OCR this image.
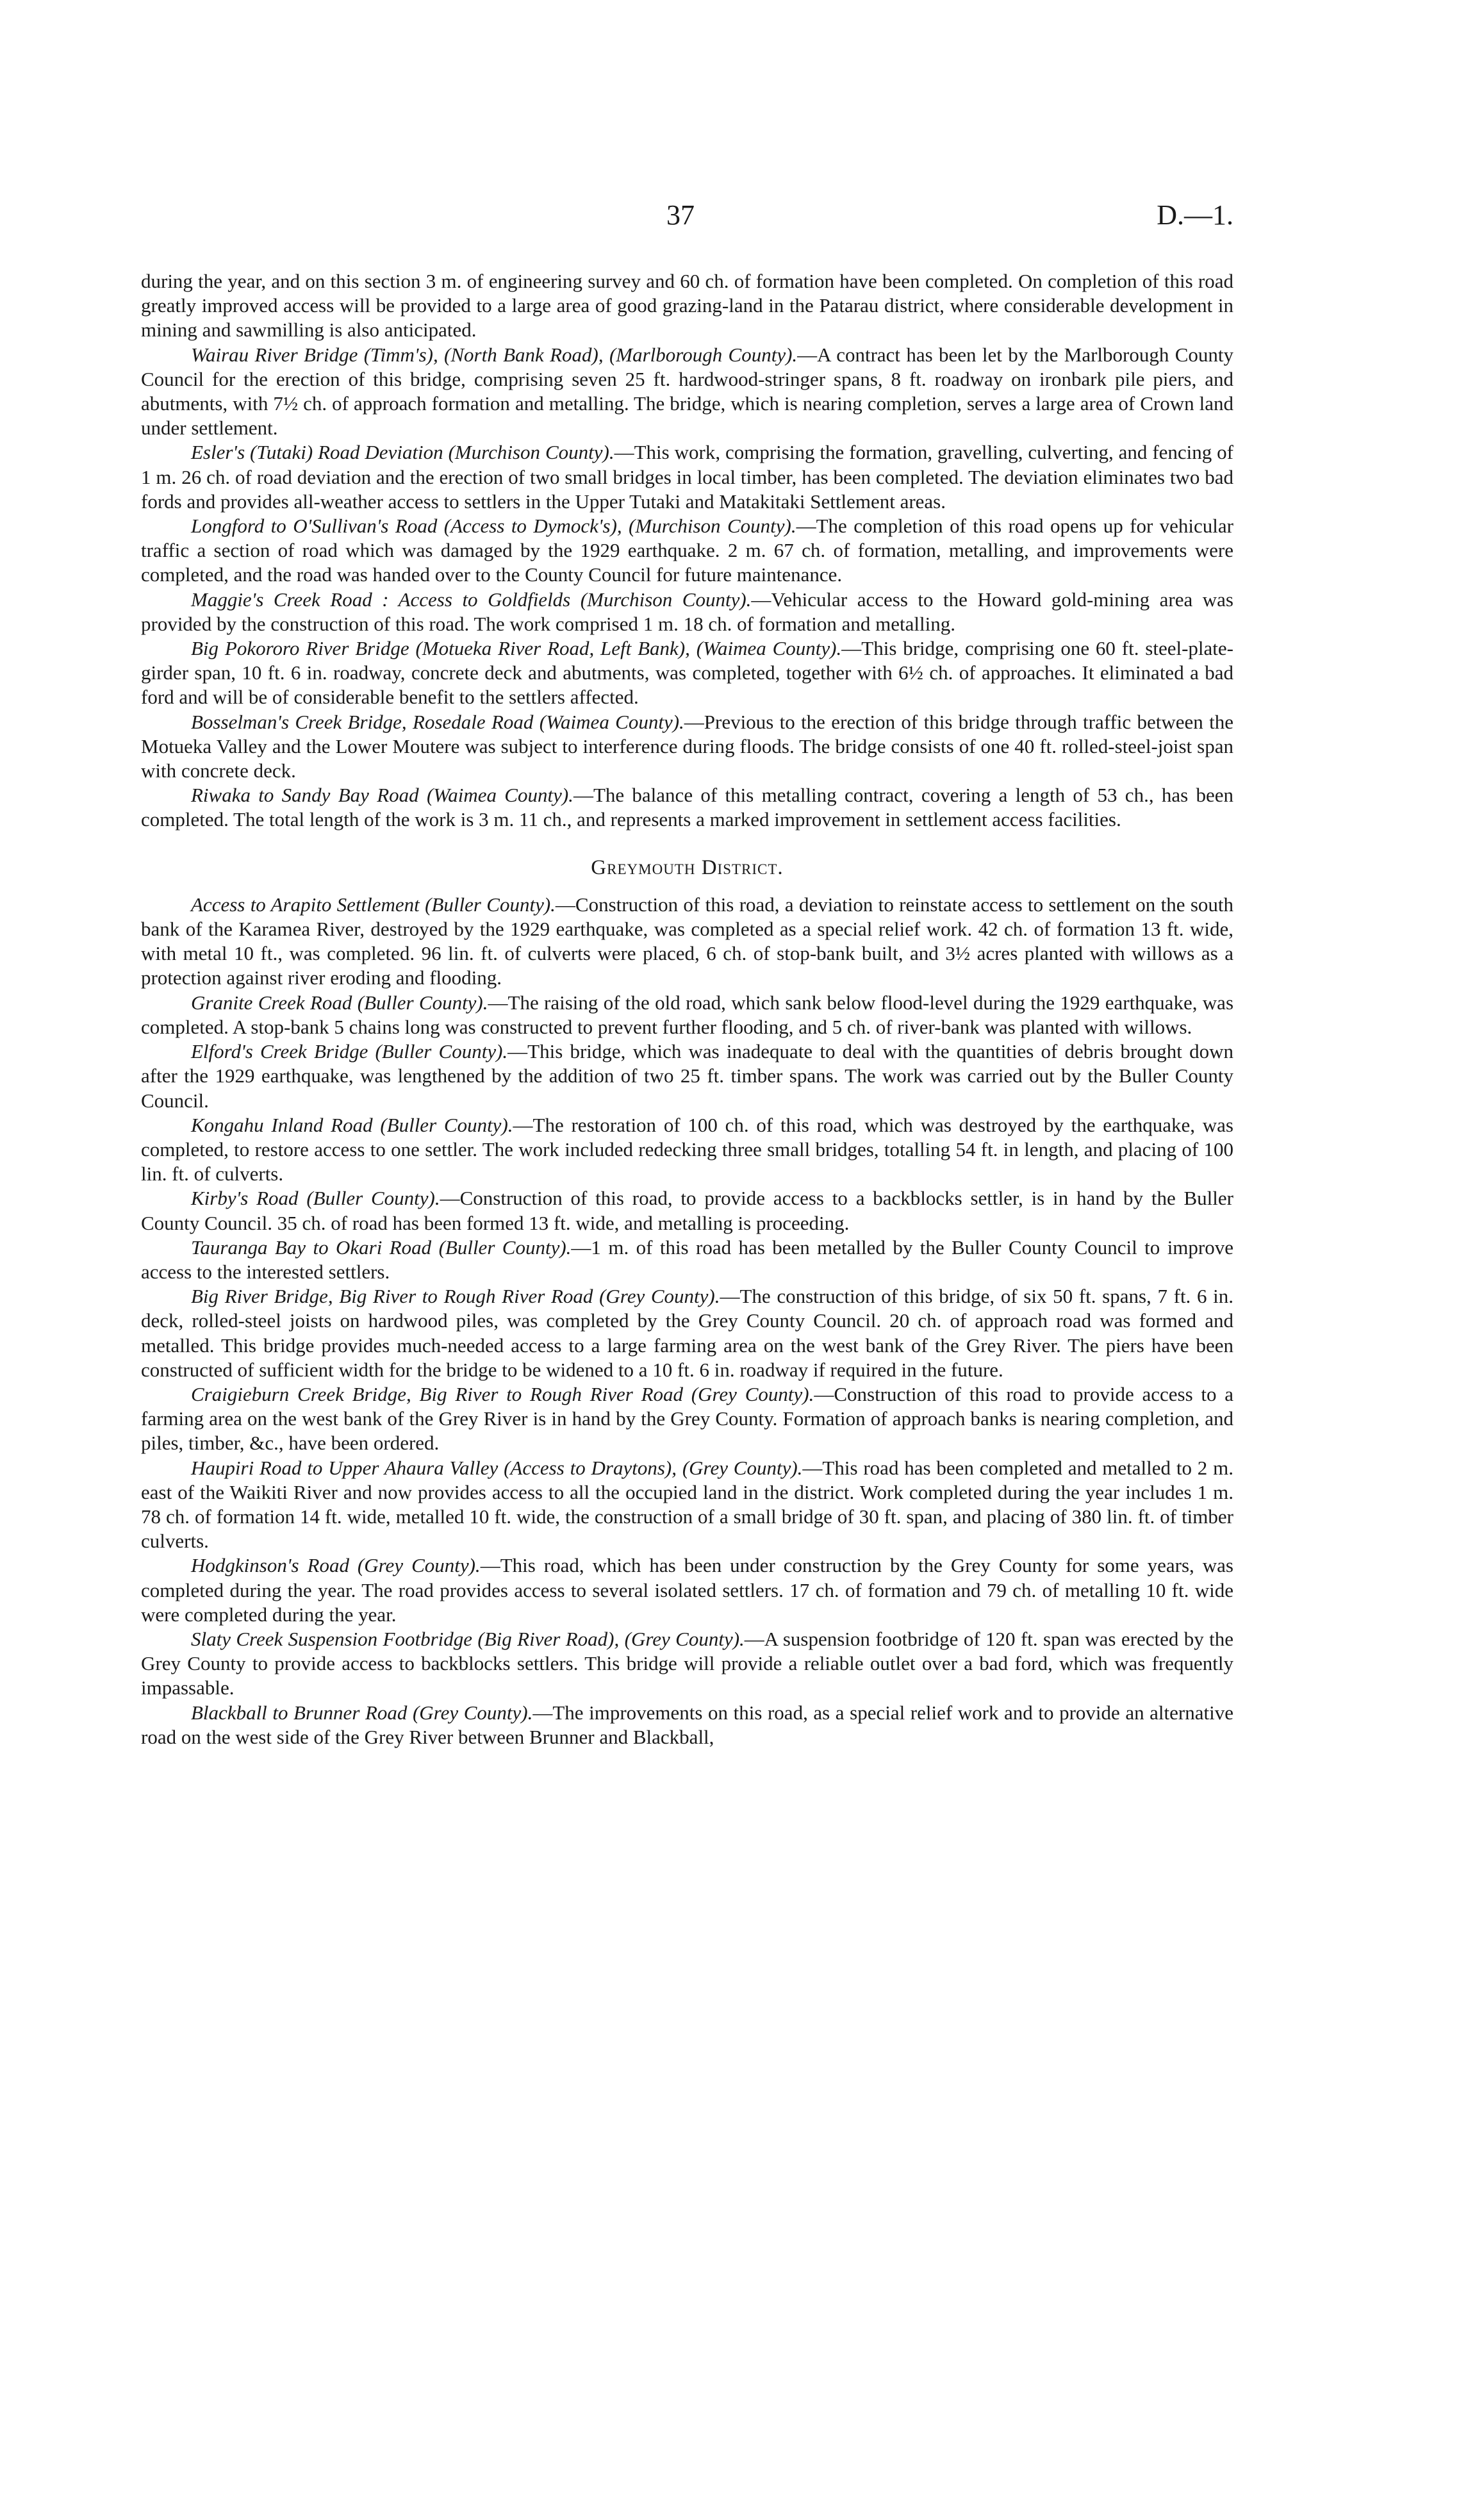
37	D.—1.

during the year, and on this section 3 m. of engineering survey and 60 ch. of formation have been completed. On completion of this road greatly improved access will be provided to a large area of good grazing-land in the Patarau district, where considerable development in mining and sawmilling is also anticipated.

Wairau River Bridge (Timm's), (North Bank Road), (Marlborough County).—A contract has been let by the Marlborough County Council for the erection of this bridge, comprising seven 25 ft. hardwood-stringer spans, 8 ft. roadway on ironbark pile piers, and abutments, with 7½ ch. of approach formation and metalling. The bridge, which is nearing completion, serves a large area of Crown land under settlement.

Esler's (Tutaki) Road Deviation (Murchison County).—This work, comprising the formation, gravelling, culverting, and fencing of 1 m. 26 ch. of road deviation and the erection of two small bridges in local timber, has been completed. The deviation eliminates two bad fords and provides all-weather access to settlers in the Upper Tutaki and Matakitaki Settlement areas.

Longford to O'Sullivan's Road (Access to Dymock's), (Murchison County).—The completion of this road opens up for vehicular traffic a section of road which was damaged by the 1929 earthquake. 2 m. 67 ch. of formation, metalling, and improvements were completed, and the road was handed over to the County Council for future maintenance.

Maggie's Creek Road : Access to Goldfields (Murchison County).—Vehicular access to the Howard gold-mining area was provided by the construction of this road. The work comprised 1 m. 18 ch. of formation and metalling.

Big Pokororo River Bridge (Motueka River Road, Left Bank), (Waimea County).—This bridge, comprising one 60 ft. steel-plate-girder span, 10 ft. 6 in. roadway, concrete deck and abutments, was completed, together with 6½ ch. of approaches. It eliminated a bad ford and will be of considerable benefit to the settlers affected.

Bosselman's Creek Bridge, Rosedale Road (Waimea County).—Previous to the erection of this bridge through traffic between the Motueka Valley and the Lower Moutere was subject to interference during floods. The bridge consists of one 40 ft. rolled-steel-joist span with concrete deck.

Riwaka to Sandy Bay Road (Waimea County).—The balance of this metalling contract, covering a length of 53 ch., has been completed. The total length of the work is 3 m. 11 ch., and represents a marked improvement in settlement access facilities.

Greymouth District.

Access to Arapito Settlement (Buller County).—Construction of this road, a deviation to reinstate access to settlement on the south bank of the Karamea River, destroyed by the 1929 earthquake, was completed as a special relief work. 42 ch. of formation 13 ft. wide, with metal 10 ft., was completed. 96 lin. ft. of culverts were placed, 6 ch. of stop-bank built, and 3½ acres planted with willows as a protection against river eroding and flooding.

Granite Creek Road (Buller County).—The raising of the old road, which sank below flood-level during the 1929 earthquake, was completed. A stop-bank 5 chains long was constructed to prevent further flooding, and 5 ch. of river-bank was planted with willows.

Elford's Creek Bridge (Buller County).—This bridge, which was inadequate to deal with the quantities of debris brought down after the 1929 earthquake, was lengthened by the addition of two 25 ft. timber spans. The work was carried out by the Buller County Council.

Kongahu Inland Road (Buller County).—The restoration of 100 ch. of this road, which was destroyed by the earthquake, was completed, to restore access to one settler. The work included redecking three small bridges, totalling 54 ft. in length, and placing of 100 lin. ft. of culverts.

Kirby's Road (Buller County).—Construction of this road, to provide access to a backblocks settler, is in hand by the Buller County Council. 35 ch. of road has been formed 13 ft. wide, and metalling is proceeding.

Tauranga Bay to Okari Road (Buller County).—1 m. of this road has been metalled by the Buller County Council to improve access to the interested settlers.

Big River Bridge, Big River to Rough River Road (Grey County).—The construction of this bridge, of six 50 ft. spans, 7 ft. 6 in. deck, rolled-steel joists on hardwood piles, was completed by the Grey County Council. 20 ch. of approach road was formed and metalled. This bridge provides much-needed access to a large farming area on the west bank of the Grey River. The piers have been constructed of sufficient width for the bridge to be widened to a 10 ft. 6 in. roadway if required in the future.

Craigieburn Creek Bridge, Big River to Rough River Road (Grey County).—Construction of this road to provide access to a farming area on the west bank of the Grey River is in hand by the Grey County. Formation of approach banks is nearing completion, and piles, timber, &c., have been ordered.

Haupiri Road to Upper Ahaura Valley (Access to Draytons), (Grey County).—This road has been completed and metalled to 2 m. east of the Waikiti River and now provides access to all the occupied land in the district. Work completed during the year includes 1 m. 78 ch. of formation 14 ft. wide, metalled 10 ft. wide, the construction of a small bridge of 30 ft. span, and placing of 380 lin. ft. of timber culverts.

Hodgkinson's Road (Grey County).—This road, which has been under construction by the Grey County for some years, was completed during the year. The road provides access to several isolated settlers. 17 ch. of formation and 79 ch. of metalling 10 ft. wide were completed during the year.

Slaty Creek Suspension Footbridge (Big River Road), (Grey County).—A suspension footbridge of 120 ft. span was erected by the Grey County to provide access to backblocks settlers. This bridge will provide a reliable outlet over a bad ford, which was frequently impassable.

Blackball to Brunner Road (Grey County).—The improvements on this road, as a special relief work and to provide an alternative road on the west side of the Grey River between Brunner and Blackball,
